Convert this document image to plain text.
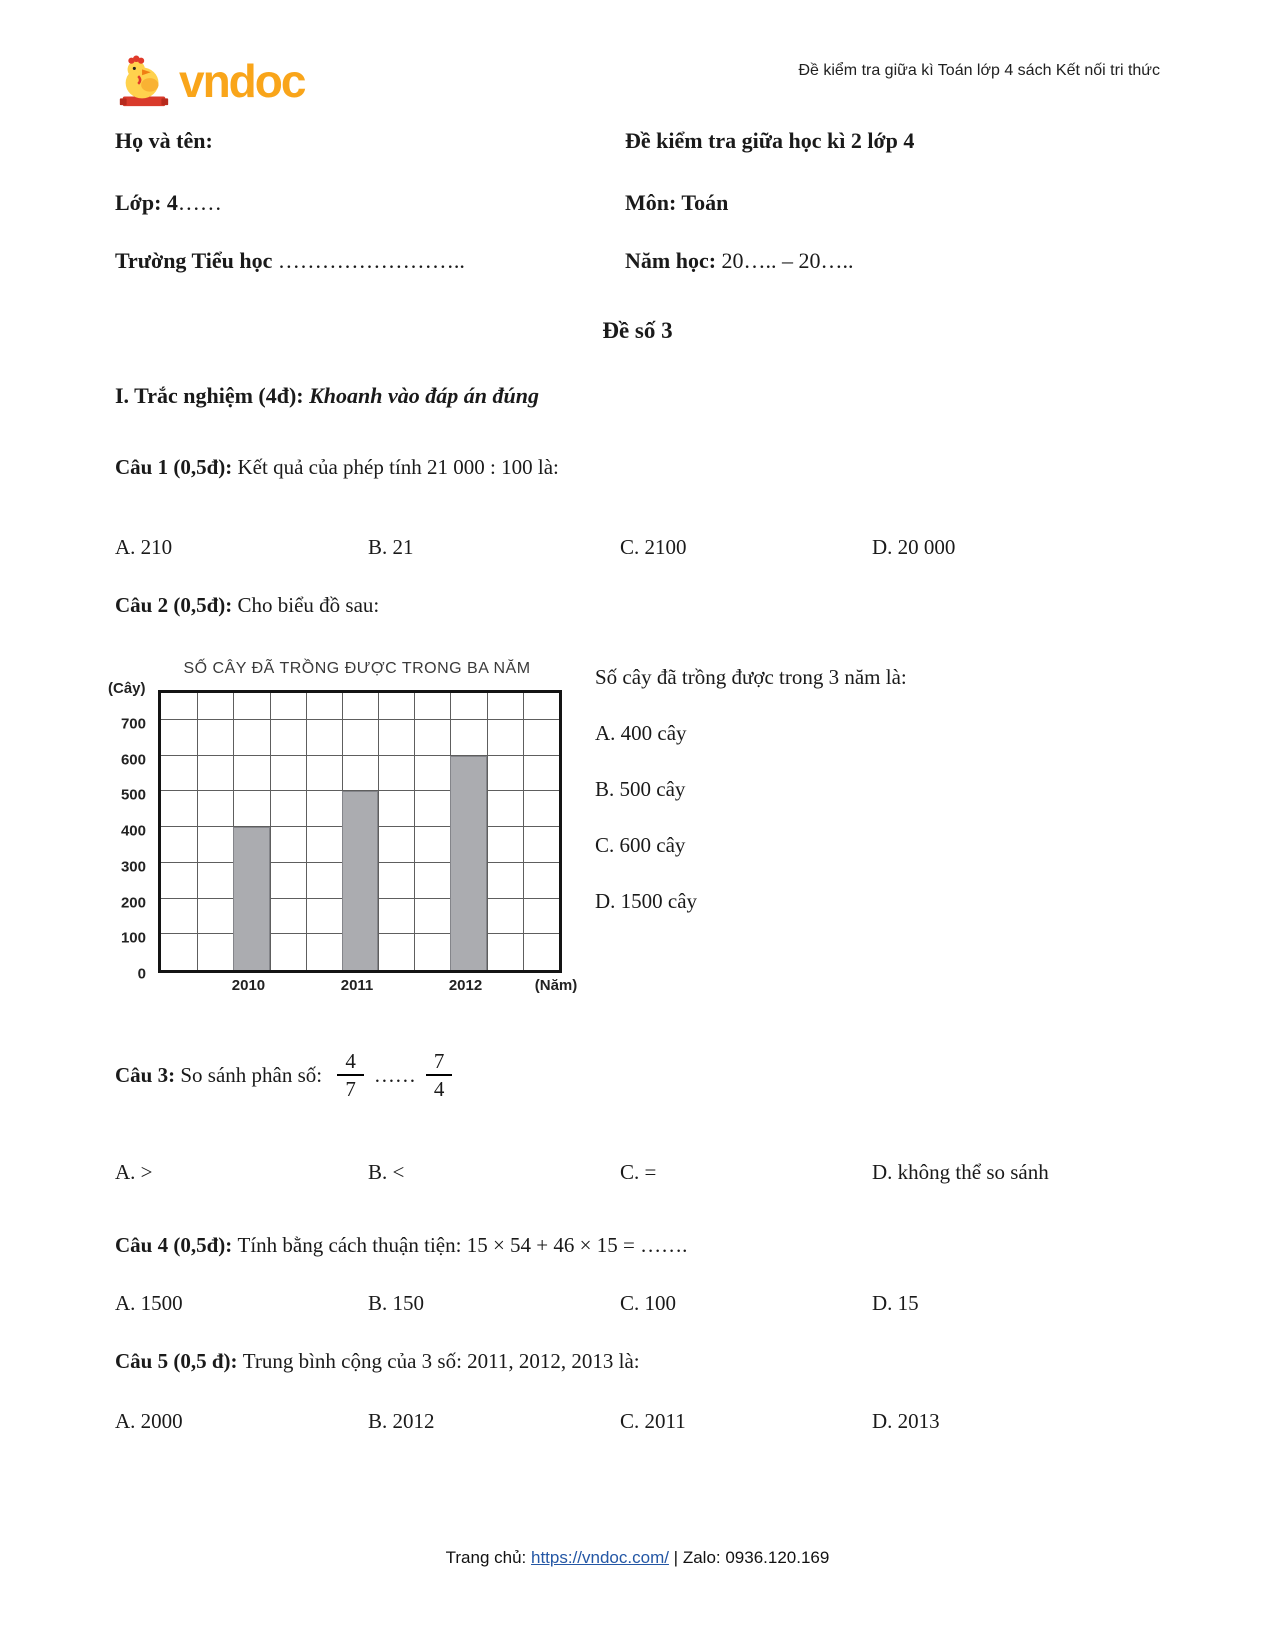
vndoc	Đề kiểm tra giữa kì Toán lớp 4 sách Kết nối tri thức
Họ và tên:	Đề kiểm tra giữa học kì 2 lớp 4
Lớp: 4……	Môn: Toán
Trường Tiểu học ……………………..	Năm học: 20….. – 20…..
Đề số 3
I. Trắc nghiệm (4đ): Khoanh vào đáp án đúng
Câu 1 (0,5đ): Kết quả của phép tính 21 000 : 100 là:
A. 210	B. 21	C. 2100	D. 20 000
Câu 2 (0,5đ): Cho biểu đồ sau:
SỐ CÂY ĐÃ TRỒNG ĐƯỢC TRONG BA NĂM
(Cây)
0
100
200
300
400
500
600
700
2010	2011	2012	(Năm)
Số cây đã trồng được trong 3 năm là:
A. 400 cây
B. 500 cây
C. 600 cây
D. 1500 cây
Câu 3: So sánh phân số: $\frac{4}{7}$ …… $\frac{7}{4}$
A. >	B. <	C. =	D. không thể so sánh
Câu 4 (0,5đ): Tính bằng cách thuận tiện: 15 × 54 + 46 × 15 = …….
A. 1500	B. 150	C. 100	D. 15
Câu 5 (0,5 đ): Trung bình cộng của 3 số: 2011, 2012, 2013 là:
A. 2000	B. 2012	C. 2011	D. 2013
Trang chủ: https://vndoc.com/ | Zalo: 0936.120.169
